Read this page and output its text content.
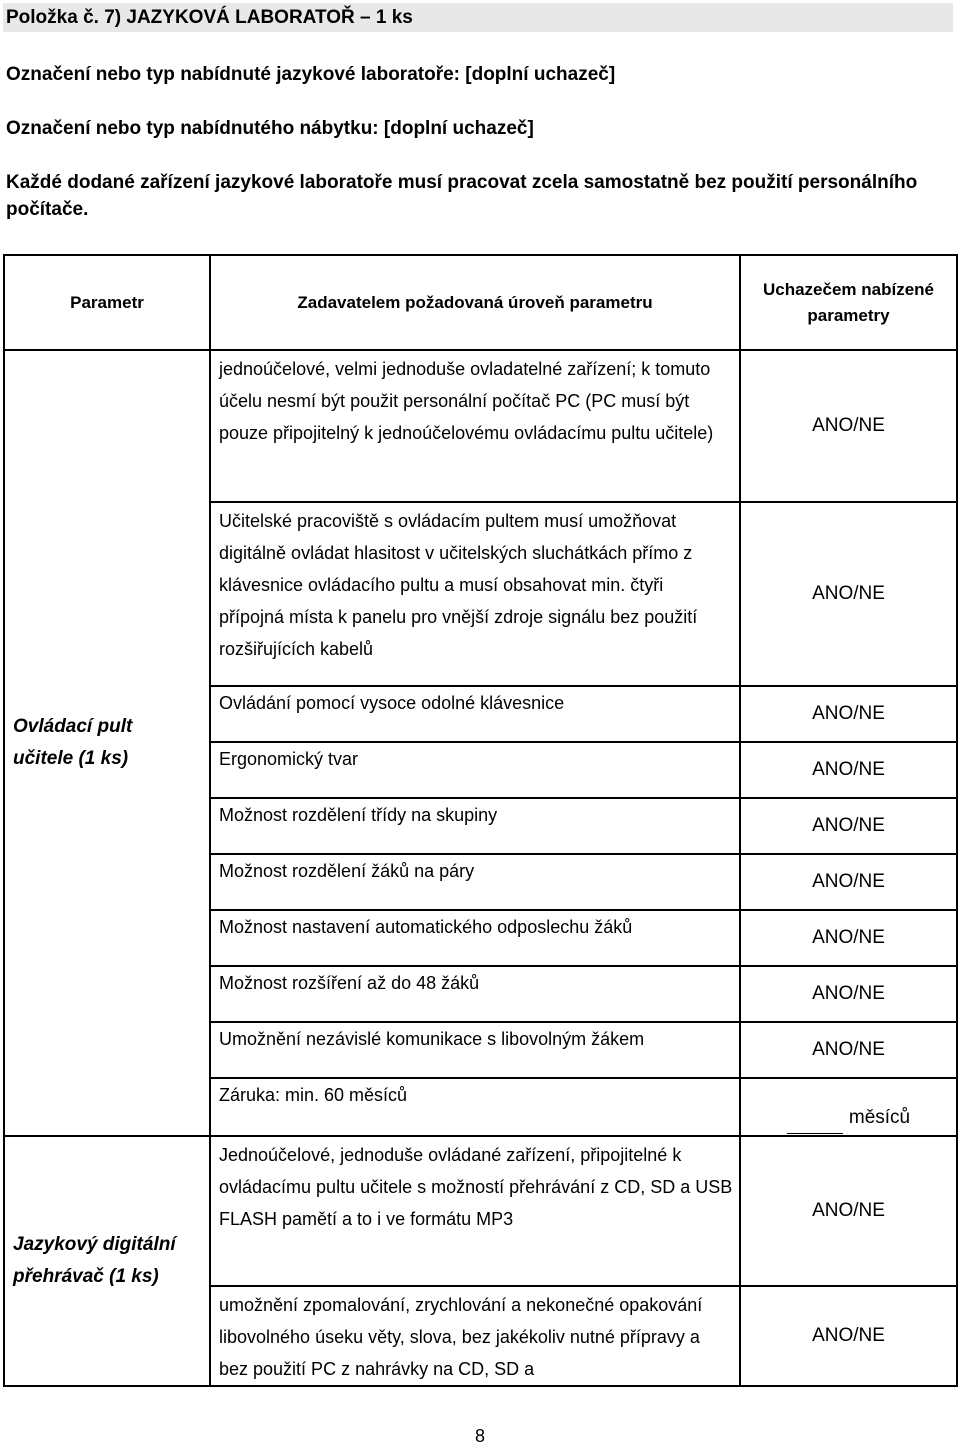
Položka č. 7) JAZYKOVÁ LABORATOŘ – 1 ks
Označení nebo typ nabídnuté jazykové laboratoře: [doplní uchazeč]
Označení nebo typ nabídnutého nábytku: [doplní uchazeč]
Každé dodané zařízení jazykové laboratoře musí pracovat zcela samostatně bez použití personálního počítače.
Parametr	Zadavatelem požadovaná úroveň parametru	Uchazečem nabízené parametry
Ovládací pult učitele (1 ks)	jednoúčelové, velmi jednoduše ovladatelné zařízení; k tomuto účelu nesmí být použit personální počítač PC (PC musí být pouze připojitelný k jednoúčelovému ovládacímu pultu učitele)	ANO/NE
	Učitelské pracoviště s ovládacím pultem musí umožňovat digitálně ovládat hlasitost v učitelských sluchátkách přímo z klávesnice ovládacího pultu a musí obsahovat min. čtyři přípojná místa k panelu pro vnější zdroje signálu bez použití rozšiřujících kabelů	ANO/NE
	Ovládání pomocí vysoce odolné klávesnice	ANO/NE
	Ergonomický tvar	ANO/NE
	Možnost rozdělení třídy na skupiny	ANO/NE
	Možnost rozdělení žáků na páry	ANO/NE
	Možnost nastavení automatického odposlechu žáků	ANO/NE
	Možnost rozšíření až do 48 žáků	ANO/NE
	Umožnění nezávislé komunikace s libovolným žákem	ANO/NE
	Záruka: min. 60 měsíců	měsíců
Jazykový digitální přehrávač (1 ks)	Jednoúčelové, jednoduše ovládané zařízení, připojitelné k ovládacímu pultu učitele s možností přehrávání z CD, SD a USB FLASH pamětí a to i ve formátu MP3	ANO/NE
	umožnění zpomalování, zrychlování a nekonečné opakování libovolného úseku věty, slova, bez jakékoliv nutné přípravy a bez použití PC z nahrávky na CD, SD a	ANO/NE
8
